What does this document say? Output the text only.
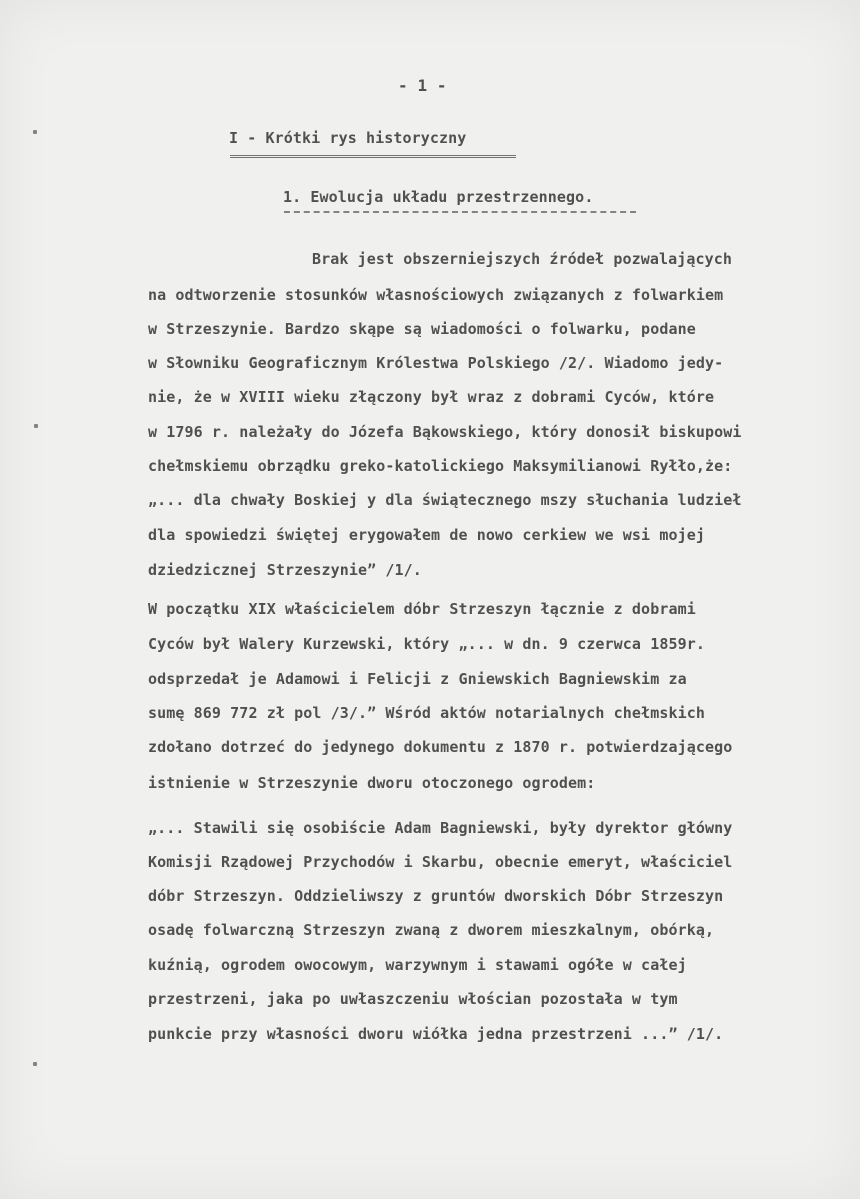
- 1 -
I - Krótki rys historyczny
1. Ewolucja układu przestrzennego.
Brak jest obszerniejszych źródeł pozwalających
na odtworzenie stosunków własnościowych związanych z folwarkiem
w Strzeszynie. Bardzo skąpe są wiadomości o folwarku, podane
w Słowniku Geograficznym Królestwa Polskiego /2/. Wiadomo jedy-
nie, że w XVIII wieku złączony był wraz z dobrami Cyców, które
w 1796 r. należały do Józefa Bąkowskiego, który donosił biskupowi
chełmskiemu obrządku greko-katolickiego Maksymilianowi Ryłło,że:
„... dla chwały Boskiej y dla świątecznego mszy słuchania ludzieł
dla spowiedzi świętej erygowałem de nowo cerkiew we wsi mojej
dziedzicznej Strzeszynie” /1/.
W początku XIX właścicielem dóbr Strzeszyn łącznie z dobrami
Cyców był Walery Kurzewski, który „... w dn. 9 czerwca 1859r.
odsprzedał je Adamowi i Felicji z Gniewskich Bagniewskim za
sumę 869 772 zł pol /3/.” Wśród aktów notarialnych chełmskich
zdołano dotrzeć do jedynego dokumentu z 1870 r. potwierdzającego
istnienie w Strzeszynie dworu otoczonego ogrodem:
„... Stawili się osobiście Adam Bagniewski, były dyrektor główny
Komisji Rządowej Przychodów i Skarbu, obecnie emeryt, właściciel
dóbr Strzeszyn. Oddzieliwszy z gruntów dworskich Dóbr Strzeszyn
osadę folwarczną Strzeszyn zwaną z dworem mieszkalnym, obórką,
kuźnią, ogrodem owocowym, warzywnym i stawami ogółe w całej
przestrzeni, jaka po uwłaszczeniu włościan pozostała w tym
punkcie przy własności dworu wiółka jedna przestrzeni ...” /1/.
